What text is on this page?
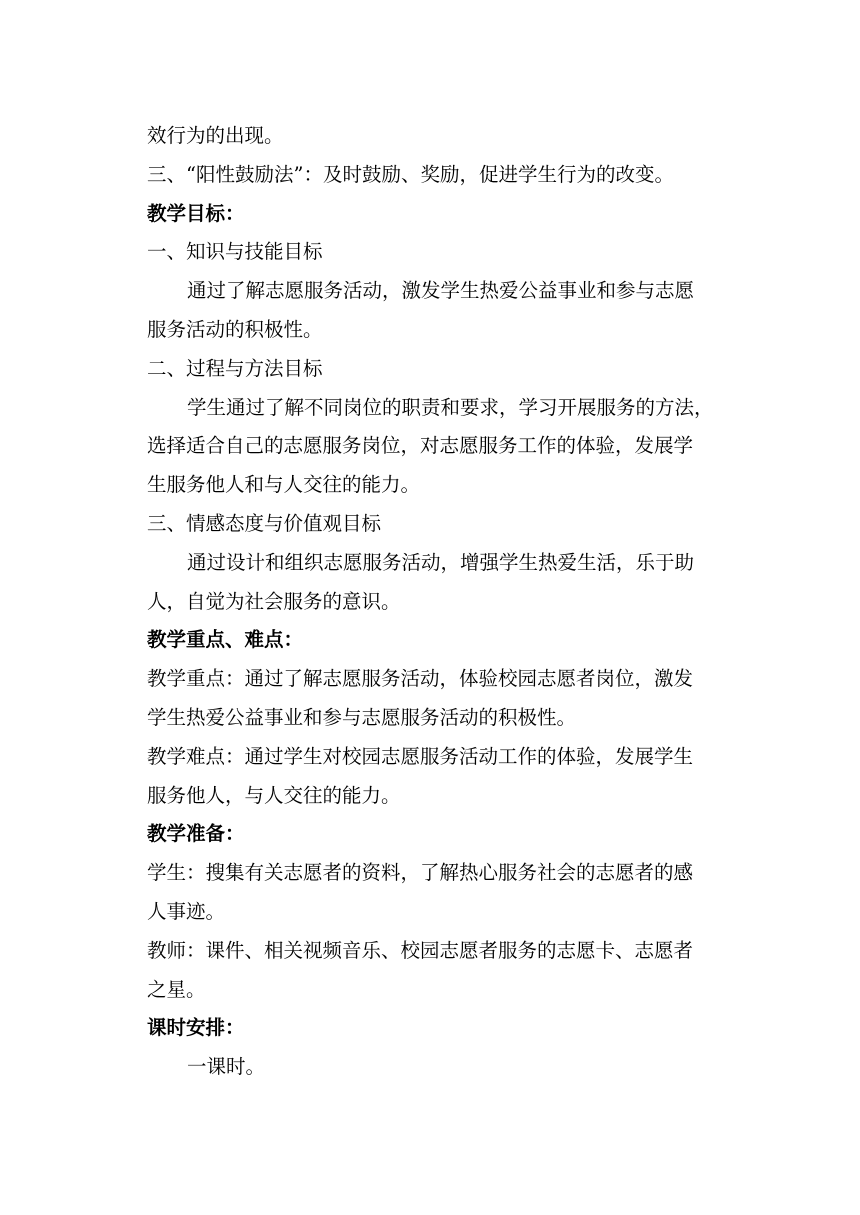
效行为的出现。

三、“阳性鼓励法”：及时鼓励、奖励，促进学生行为的改变。

教学目标：

一、知识与技能目标

通过了解志愿服务活动，激发学生热爱公益事业和参与志愿

服务活动的积极性。

二、过程与方法目标

学生通过了解不同岗位的职责和要求，学习开展服务的方法，

选择适合自己的志愿服务岗位，对志愿服务工作的体验，发展学

生服务他人和与人交往的能力。

三、情感态度与价值观目标

通过设计和组织志愿服务活动，增强学生热爱生活，乐于助

人，自觉为社会服务的意识。

教学重点、难点：

教学重点：通过了解志愿服务活动，体验校园志愿者岗位，激发

学生热爱公益事业和参与志愿服务活动的积极性。

教学难点：通过学生对校园志愿服务活动工作的体验，发展学生

服务他人，与人交往的能力。

教学准备：

学生：搜集有关志愿者的资料，了解热心服务社会的志愿者的感

人事迹。

教师：课件、相关视频音乐、校园志愿者服务的志愿卡、志愿者

之星。

课时安排：

一课时。
